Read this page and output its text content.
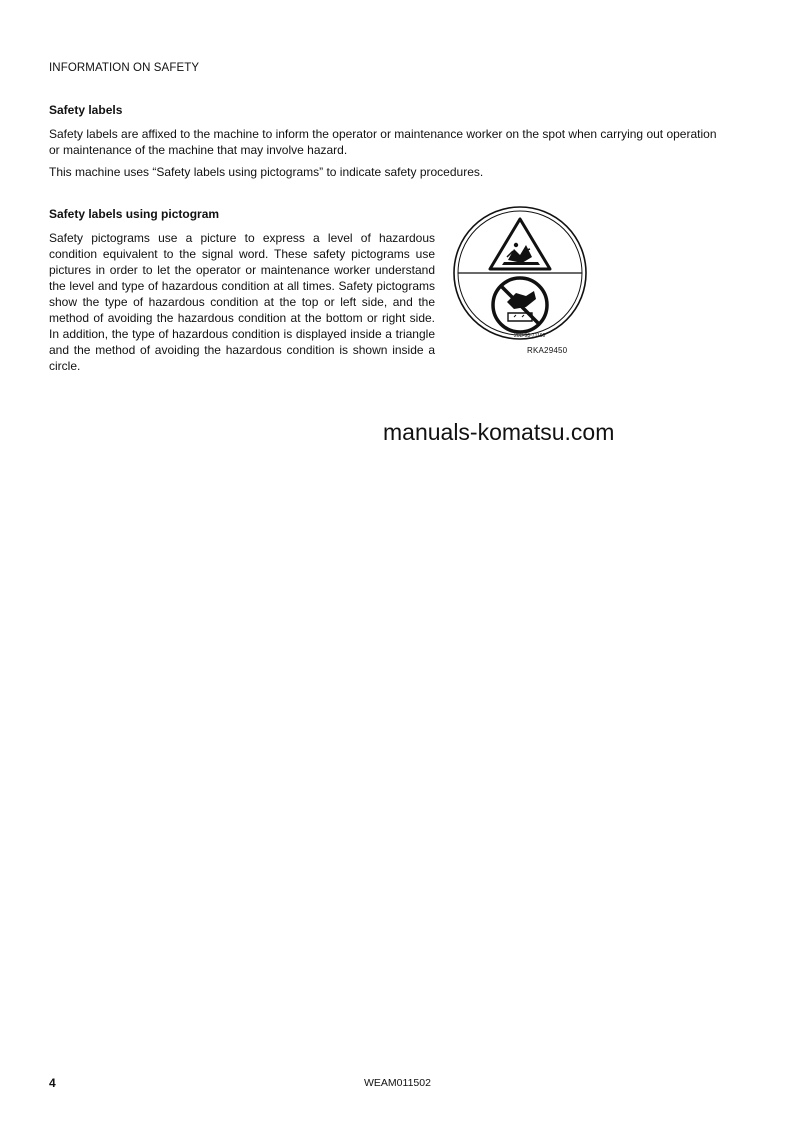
INFORMATION ON SAFETY
Safety labels
Safety labels are affixed to the machine to inform the operator or maintenance worker on the spot when carrying out operation or maintenance of the machine that may involve hazard.
This machine uses “Safety labels using pictograms” to indicate safety procedures.
Safety labels using pictogram
Safety pictograms use a picture to express a level of hazardous condition equivalent to the signal word. These safety pictograms use pictures in order to let the operator or maintenance worker understand the level and type of hazardous condition at all times. Safety pictograms show the type of hazardous condition at the top or left side, and the method of avoiding the hazardous condition at the bottom or right side. In addition, the type of hazardous condition is displayed inside a triangle and the method of avoiding the hazardous condition is shown inside a circle.
20B-98-71160
RKA29450
manuals-komatsu.com
4	WEAM011502
